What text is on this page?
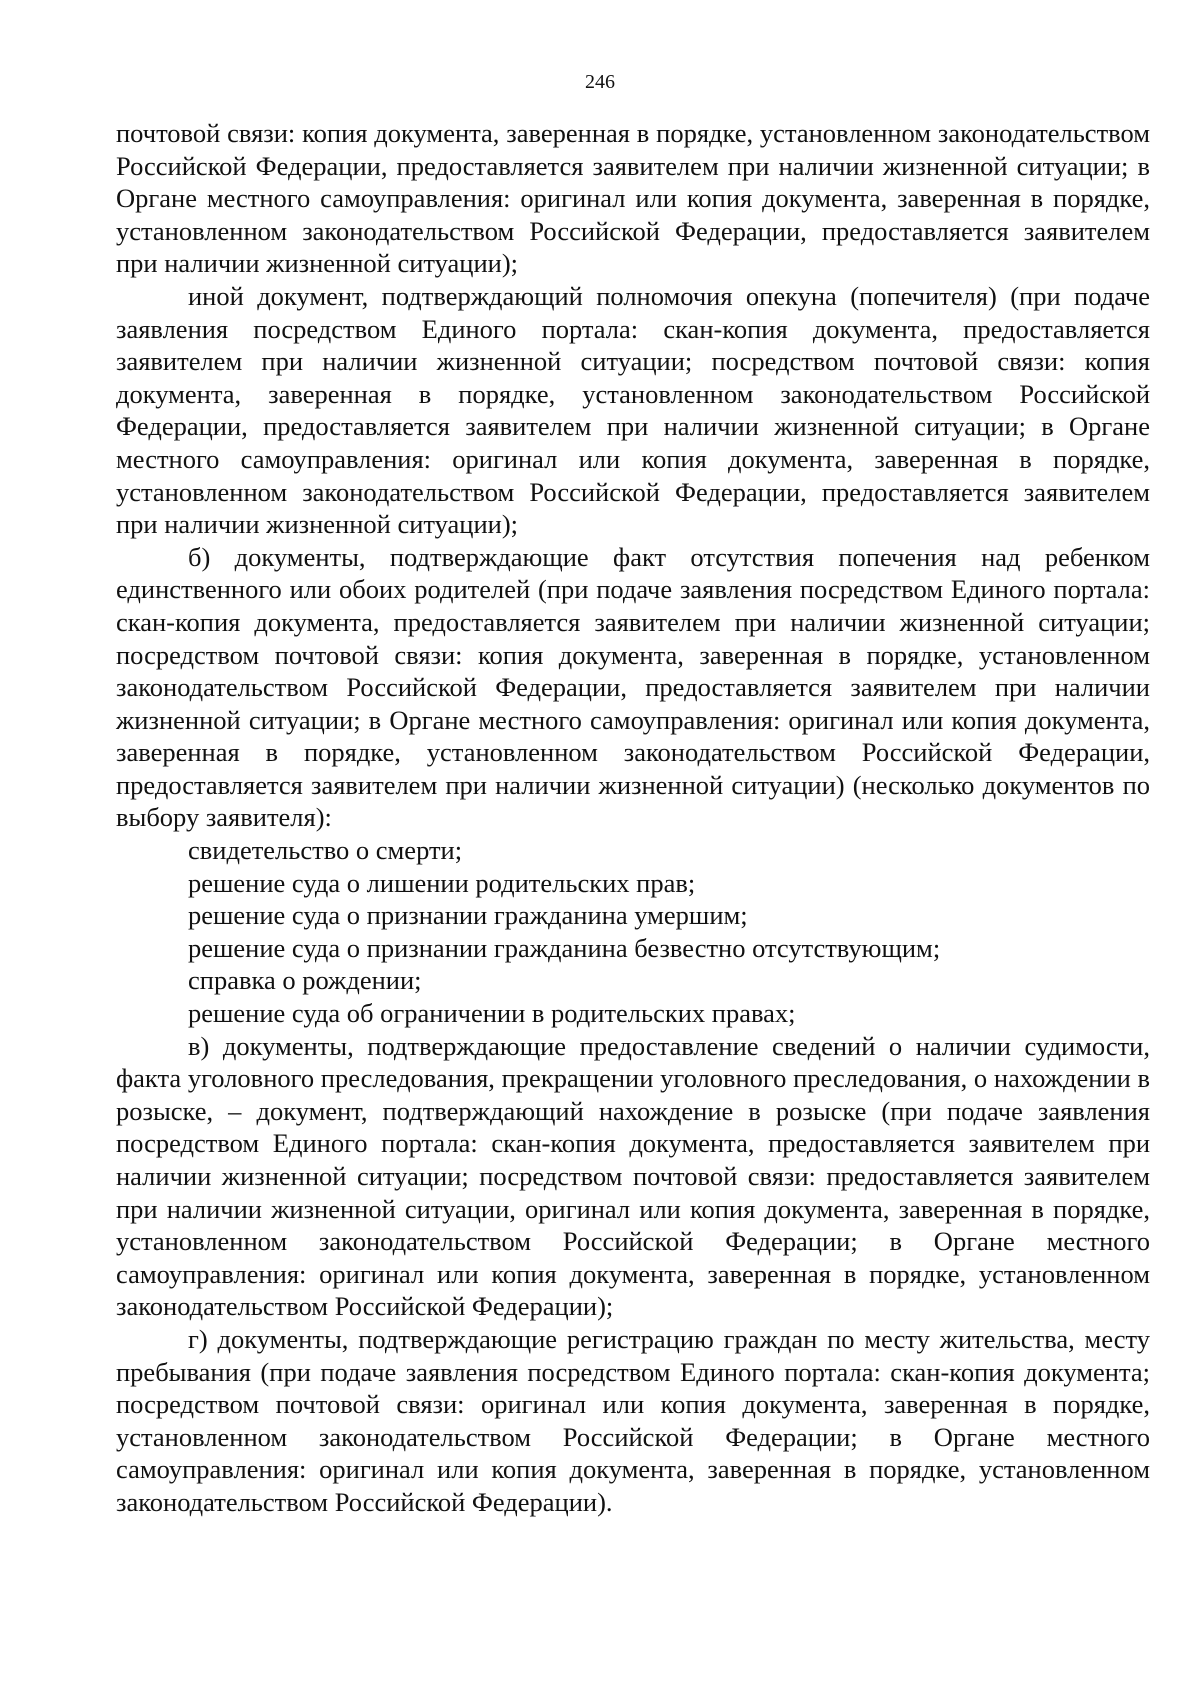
246

почтовой связи: копия документа, заверенная в порядке, установленном законодательством Российской Федерации, предоставляется заявителем при наличии жизненной ситуации; в Органе местного самоуправления: оригинал или копия документа, заверенная в порядке, установленном законодательством Российской Федерации, предоставляется заявителем при наличии жизненной ситуации);

иной документ, подтверждающий полномочия опекуна (попечителя) (при подаче заявления посредством Единого портала: скан-копия документа, предоставляется заявителем при наличии жизненной ситуации; посредством почтовой связи: копия документа, заверенная в порядке, установленном законодательством Российской Федерации, предоставляется заявителем при наличии жизненной ситуации; в Органе местного самоуправления: оригинал или копия документа, заверенная в порядке, установленном законодательством Российской Федерации, предоставляется заявителем при наличии жизненной ситуации);

б) документы, подтверждающие факт отсутствия попечения над ребенком единственного или обоих родителей (при подаче заявления посредством Единого портала: скан-копия документа, предоставляется заявителем при наличии жизненной ситуации; посредством почтовой связи: копия документа, заверенная в порядке, установленном законодательством Российской Федерации, предоставляется заявителем при наличии жизненной ситуации; в Органе местного самоуправления: оригинал или копия документа, заверенная в порядке, установленном законодательством Российской Федерации, предоставляется заявителем при наличии жизненной ситуации) (несколько документов по выбору заявителя):

свидетельство о смерти;

решение суда о лишении родительских прав;

решение суда о признании гражданина умершим;

решение суда о признании гражданина безвестно отсутствующим;

справка о рождении;

решение суда об ограничении в родительских правах;

в) документы, подтверждающие предоставление сведений о наличии судимости, факта уголовного преследования, прекращении уголовного преследования, о нахождении в розыске, – документ, подтверждающий нахождение в розыске (при подаче заявления посредством Единого портала: скан-копия документа, предоставляется заявителем при наличии жизненной ситуации; посредством почтовой связи: предоставляется заявителем при наличии жизненной ситуации, оригинал или копия документа, заверенная в порядке, установленном законодательством Российской Федерации; в Органе местного самоуправления: оригинал или копия документа, заверенная в порядке, установленном законодательством Российской Федерации);

г) документы, подтверждающие регистрацию граждан по месту жительства, месту пребывания (при подаче заявления посредством Единого портала: скан-копия документа; посредством почтовой связи: оригинал или копия документа, заверенная в порядке, установленном законодательством Российской Федерации; в Органе местного самоуправления: оригинал или копия документа, заверенная в порядке, установленном законодательством Российской Федерации).
